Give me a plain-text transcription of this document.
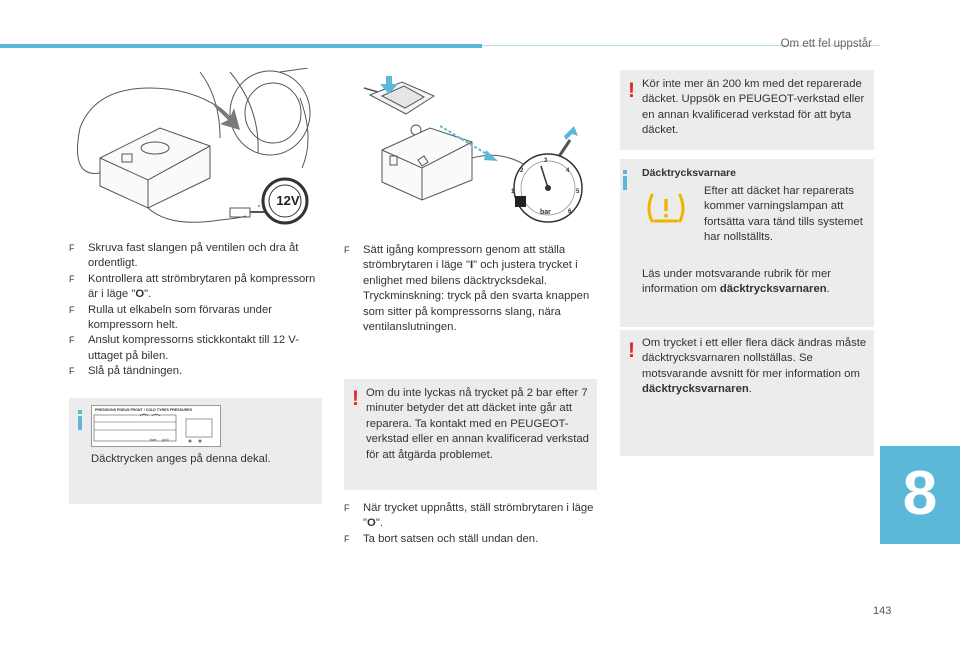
Om ett fel uppstår
12V
F Skruva fast slangen på ventilen och dra åt ordentligt.
F Kontrollera att strömbrytaren på kompressorn är i läge "O".
F Rulla ut elkabeln som förvaras under kompressorn helt.
F Anslut kompressorns stickkontakt till 12 V-uttaget på bilen.
F Slå på tändningen.
PRESSIONS PNEUS FRONT / COLD TYRES PRESSURES
bars (psi)
Däcktrycken anges på denna dekal.
1
2
3
4
5
6
bar
F Sätt igång kompressorn genom att ställa strömbrytaren i läge "I" och justera trycket i enlighet med bilens däcktrycksdekal. Tryckminskning: tryck på den svarta knappen som sitter på kompressorns slang, nära ventilanslutningen.
! Om du inte lyckas nå trycket på 2 bar efter 7 minuter betyder det att däcket inte går att reparera. Ta kontakt med en PEUGEOT-verkstad eller en annan kvalificerad verkstad för att åtgärda problemet.
F När trycket uppnåtts, ställ strömbrytaren i läge "O".
F Ta bort satsen och ställ undan den.
! Kör inte mer än 200 km med det reparerade däcket. Uppsök en PEUGEOT-verkstad eller en annan kvalificerad verkstad för att byta däcket.
Däcktrycksvarnare
Efter att däcket har reparerats kommer varningslampan att fortsätta vara tänd tills systemet har nollställts.
Läs under motsvarande rubrik för mer information om däcktrycksvarnaren.
! Om trycket i ett eller flera däck ändras måste däcktrycksvarnaren nollställas. Se motsvarande avsnitt för mer information om däcktrycksvarnaren.
8
143
